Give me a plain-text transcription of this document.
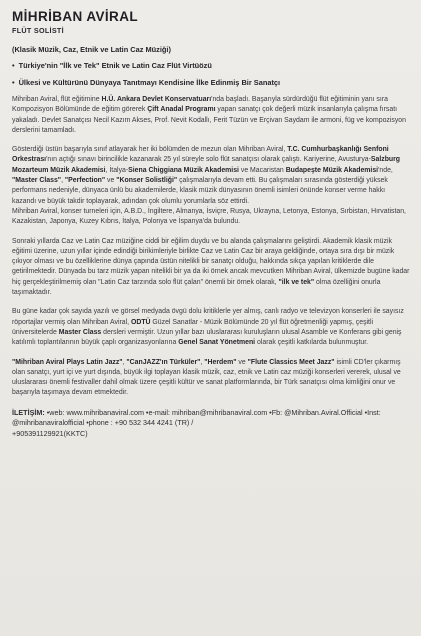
MİHRİBAN AVİRAL
FLÜT SOLİSTİ
(Klasik Müzik, Caz, Etnik ve Latin Caz Müziği)
• Türkiye'nin "İlk ve Tek" Etnik ve Latin Caz Flüt Virtüözü
• Ülkesi ve Kültürünü Dünyaya Tanıtmayı Kendisine İlke Edinmiş Bir Sanatçı

Mihriban Aviral, flüt eğitimine H.Ü. Ankara Devlet Konservatuarı'nda başladı. Başarıyla sürdürdüğü flüt eğitiminin yanı sıra Kompozisyon Bölümünde de eğitim görerek Çift Anadal Programı yapan sanatçı çok değerli müzik insanlarıyla çalışma fırsatı yakaladı. Devlet Sanatçısı Necil Kazım Akses, Prof. Nevit Kodallı, Ferit Tüzün ve Erçivan Saydam ile armoni, füg ve kompozisyon derslerini tamamladı.

Gösterdiği üstün başarıyla sınıf atlayarak her iki bölümden de mezun olan Mihriban Aviral, T.C. Cumhurbaşkanlığı Senfoni Orkestrası'nın açtığı sınavı birincilikle kazanarak 25 yıl süreyle solo flüt sanatçısı olarak çalıştı. Kariyerine, Avusturya-Salzburg Mozarteum Müzik Akademisi, İtalya-Siena Chiggiana Müzik Akademisi ve Macaristan Budapeşte Müzik Akademisi'nde, "Master Class", "Perfection" ve "Konser Solistliği" çalışmalarıyla devam etti. Bu çalışmaları sırasında gösterdiği yüksek performans nedeniyle, dünyaca ünlü bu akademilerde, klasik müzik dünyasının önemli isimleri önünde konser verme hakkı kazandı ve büyük takdir toplayarak, adından çok olumlu yorumlarla söz ettirdi.
Mihriban Aviral, konser turneleri için, A.B.D., İngiltere, Almanya, İsviçre, Rusya, Ukrayna, Letonya, Estonya, Sırbistan, Hırvatistan, Kazakistan, Japonya, Kuzey Kıbrıs, İtalya, Polonya ve İspanya'da bulundu.

Sonraki yıllarda Caz ve Latin Caz müziğine ciddi bir eğilim duydu ve bu alanda çalışmalarını geliştirdi. Akademik klasik müzik eğitimi üzerine, uzun yıllar içinde edindiği birikimleriyle birlikte Caz ve Latin Caz bir araya geldiğinde, ortaya sıra dışı bir müzik çıkıyor olması ve bu özelliklerine dünya çapında üstün nitelikli bir sanatçı olduğu, hakkında sıkça yapılan kritiklerde dile getirilmektedir. Dünyada bu tarz müzik yapan nitelikli bir ya da iki örnek ancak mevcutken Mihriban Aviral, ülkemizde bugüne kadar hiç gerçekleştirilmemiş olan "Latin Caz tarzında solo flüt çalan" önemli bir örnek olarak, "ilk ve tek" olma özelliğini onurla taşımaktadır.

Bu güne kadar çok sayıda yazılı ve görsel medyada övgü dolu kritiklerle yer almış, canlı radyo ve televizyon konserleri ile sayısız röportajlar vermiş olan Mihriban Aviral, ODTÜ Güzel Sanatlar - Müzik Bölümünde 20 yıl flüt öğretmenliği yapmış, çeşitli üniversitelerde Master Class dersleri vermiştir. Uzun yıllar bazı uluslararası kuruluşların ulusal Asamble ve Konferans gibi geniş katılımlı toplantılarının büyük çaplı organizasyonlarına Genel Sanat Yönetmeni olarak çeşitli katkılarda bulunmuştur.

"Mihriban Aviral Plays Latin Jazz", "CanJAZZ'ın Türküler", "Herdem" ve "Flute Classics Meet Jazz" isimli CD'ler çıkarmış olan sanatçı, yurt içi ve yurt dışında, büyük ilgi toplayan klasik müzik, caz, etnik ve Latin caz müziği konserleri vererek, ulusal ve uluslararası önemli festivaller dahil olmak üzere çeşitli kültür ve sanat platformlarında, bir Türk sanatçısı olma kimliğini onur ve başarıyla taşımaya devam etmektedir.

İLETİŞİM: •web: www.mihribanaviral.com •e-mail: mihriban@mihribanaviral.com •Fb: @Mihriban.Aviral.Official •Inst: @mihribanaviralofficial •phone : +90 532 344 4241 (TR) /
+905391129921(KKTC)
